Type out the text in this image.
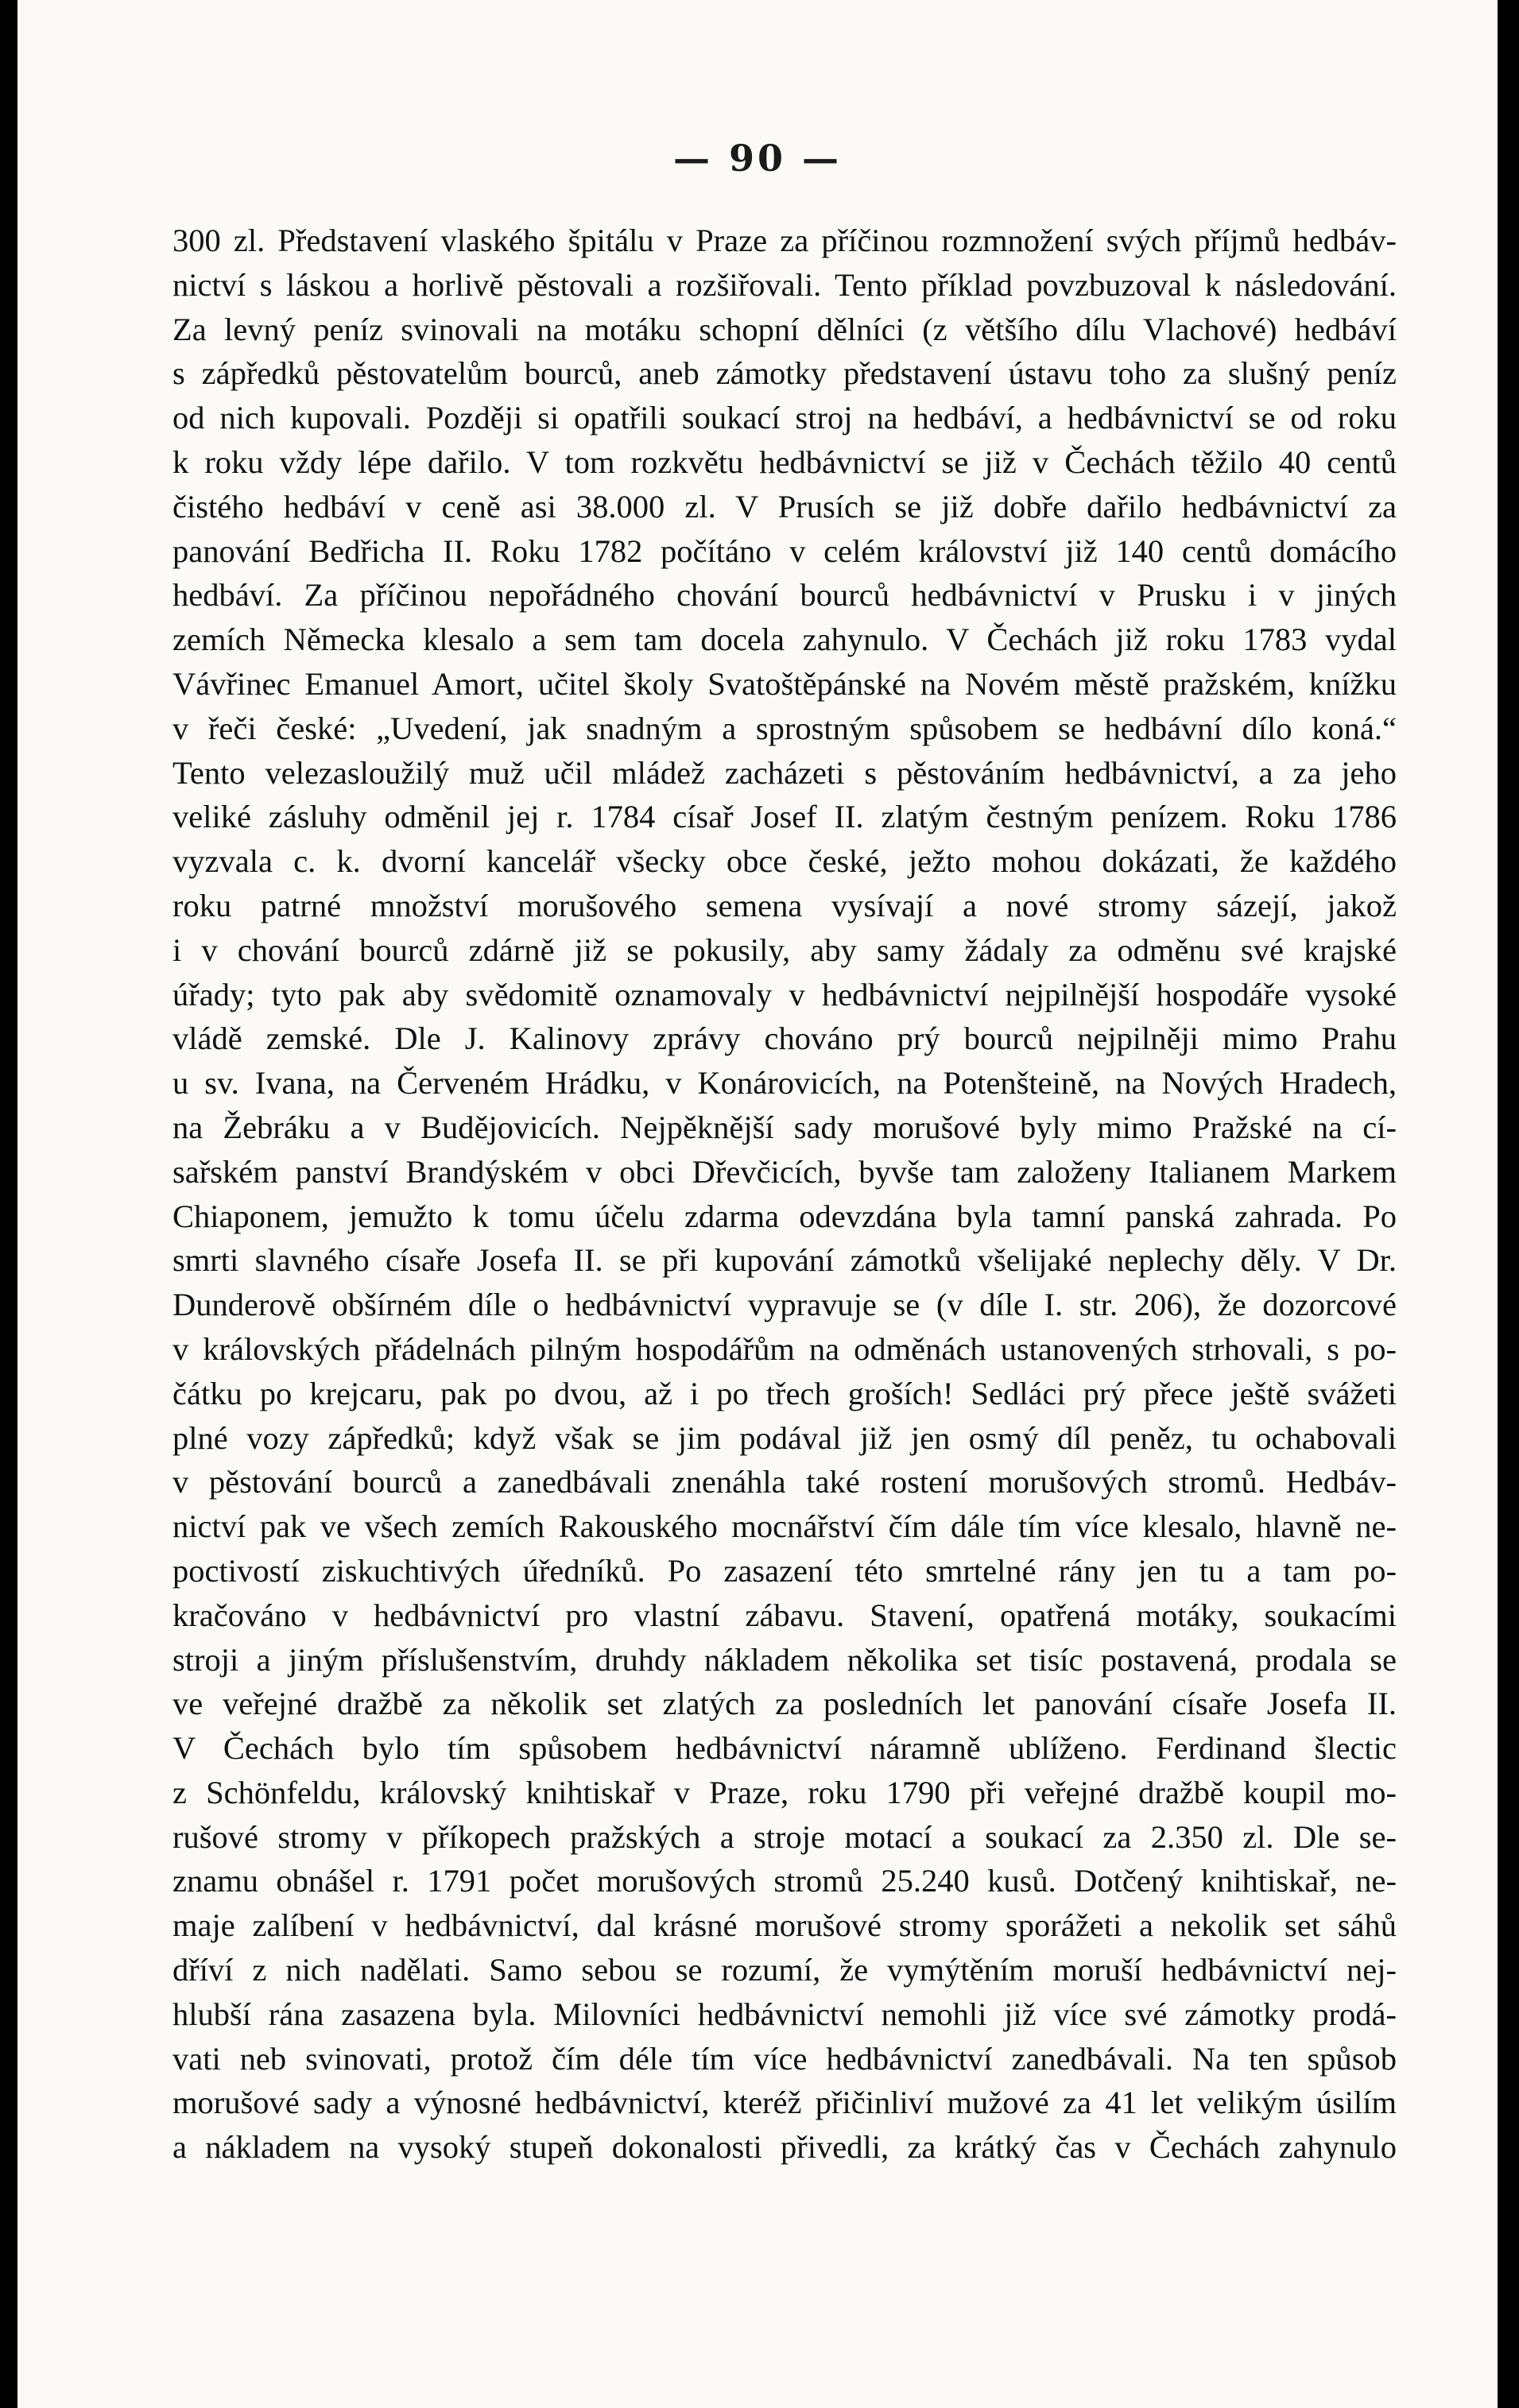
— 90 —
300 zl. Představení vlaského špitálu v Praze za příčinou rozmnožení svých příjmů hedbáv-
nictví s láskou a horlivě pěstovali a rozšiřovali. Tento příklad povzbuzoval k následování.
Za levný peníz svinovali na motáku schopní dělníci (z většího dílu Vlachové) hedbáví
s zápředků pěstovatelům bourců, aneb zámotky představení ústavu toho za slušný peníz
od nich kupovali. Později si opatřili soukací stroj na hedbáví, a hedbávnictví se od roku
k roku vždy lépe dařilo. V tom rozkvětu hedbávnictví se již v Čechách těžilo 40 centů
čistého hedbáví v ceně asi 38.000 zl. V Prusích se již dobře dařilo hedbávnictví za
panování Bedřicha II. Roku 1782 počítáno v celém království již 140 centů domácího
hedbáví. Za příčinou nepořádného chování bourců hedbávnictví v Prusku i v jiných
zemích Německa klesalo a sem tam docela zahynulo. V Čechách již roku 1783 vydal
Vávřinec Emanuel Amort, učitel školy Svatoštěpánské na Novém městě pražském, knížku
v řeči české: „Uvedení, jak snadným a sprostným spůsobem se hedbávní dílo koná.“
Tento velezasloužilý muž učil mládež zacházeti s pěstováním hedbávnictví, a za jeho
veliké zásluhy odměnil jej r. 1784 císař Josef II. zlatým čestným penízem. Roku 1786
vyzvala c. k. dvorní kancelář všecky obce české, ježto mohou dokázati, že každého
roku patrné množství morušového semena vysívají a nové stromy sázejí, jakož
i v chování bourců zdárně již se pokusily, aby samy žádaly za odměnu své krajské
úřady; tyto pak aby svědomitě oznamovaly v hedbávnictví nejpilnější hospodáře vysoké
vládě zemské. Dle J. Kalinovy zprávy chováno prý bourců nejpilněji mimo Prahu
u sv. Ivana, na Červeném Hrádku, v Konárovicích, na Potenšteině, na Nových Hradech,
na Žebráku a v Budějovicích. Nejpěknější sady morušové byly mimo Pražské na cí-
sařském panství Brandýském v obci Dřevčicích, byvše tam založeny Italianem Markem
Chiaponem, jemužto k tomu účelu zdarma odevzdána byla tamní panská zahrada. Po
smrti slavného císaře Josefa II. se při kupování zámotků všelijaké neplechy děly. V Dr.
Dunderově obšírném díle o hedbávnictví vypravuje se (v díle I. str. 206), že dozorcové
v královských přádelnách pilným hospodářům na odměnách ustanovených strhovali, s po-
čátku po krejcaru, pak po dvou, až i po třech groších! Sedláci prý přece ještě svážeti
plné vozy zápředků; když však se jim podával již jen osmý díl peněz, tu ochabovali
v pěstování bourců a zanedbávali znenáhla také rostení morušových stromů. Hedbáv-
nictví pak ve všech zemích Rakouského mocnářství čím dále tím více klesalo, hlavně ne-
poctivostí ziskuchtivých úředníků. Po zasazení této smrtelné rány jen tu a tam po-
kračováno v hedbávnictví pro vlastní zábavu. Stavení, opatřená motáky, soukacími
stroji a jiným příslušenstvím, druhdy nákladem několika set tisíc postavená, prodala se
ve veřejné dražbě za několik set zlatých za posledních let panování císaře Josefa II.
V Čechách bylo tím spůsobem hedbávnictví náramně ublíženo. Ferdinand šlectic
z Schönfeldu, královský knihtiskař v Praze, roku 1790 při veřejné dražbě koupil mo-
rušové stromy v příkopech pražských a stroje motací a soukací za 2.350 zl. Dle se-
znamu obnášel r. 1791 počet morušových stromů 25.240 kusů. Dotčený knihtiskař, ne-
maje zalíbení v hedbávnictví, dal krásné morušové stromy sporážeti a nekolik set sáhů
dříví z nich nadělati. Samo sebou se rozumí, že vymýtěním moruší hedbávnictví nej-
hlubší rána zasazena byla. Milovníci hedbávnictví nemohli již více své zámotky prodá-
vati neb svinovati, protož čím déle tím více hedbávnictví zanedbávali. Na ten spůsob
morušové sady a výnosné hedbávnictví, kteréž přičinliví mužové za 41 let velikým úsilím
a nákladem na vysoký stupeň dokonalosti přivedli, za krátký čas v Čechách zahynulo
